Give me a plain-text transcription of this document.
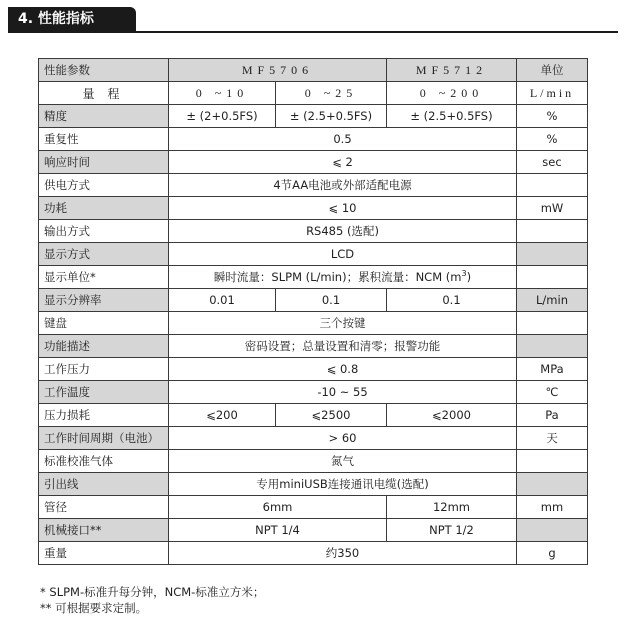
4. 性能指标
性能参数	MF5706		MF5712	单位
量 程	0 ~10	0 ~25	0 ~200	L/min
精度	± (2+0.5FS)	± (2.5+0.5FS)	± (2.5+0.5FS)	%
重复性	0.5			%
响应时间	⩽ 2			sec
供电方式	4节AA电池或外部适配电源			
功耗	⩽ 10			mW
输出方式	RS485 (选配)			
显示方式	LCD			
显示单位*	瞬时流量：SLPM (L/min)；累积流量：NCM $(m^3)$			
显示分辨率	0.01	0.1	0.1	L/min
键盘	三个按键			
功能描述	密码设置；总量设置和清零；报警功能			
工作压力	⩽ 0.8			MPa
工作温度	-10 ~ 55			℃
压力损耗	⩽200	⩽2500	⩽2000	Pa
工作时间周期（电池）	> 60			天
标准校准气体	氮气			
引出线	专用miniUSB连接通讯电缆(选配)			
管径	6mm		12mm	mm
机械接口**	NPT 1/4		NPT 1/2	
重量	约350			g
* SLPM-标准升每分钟，NCM-标准立方米；
** 可根据要求定制。
